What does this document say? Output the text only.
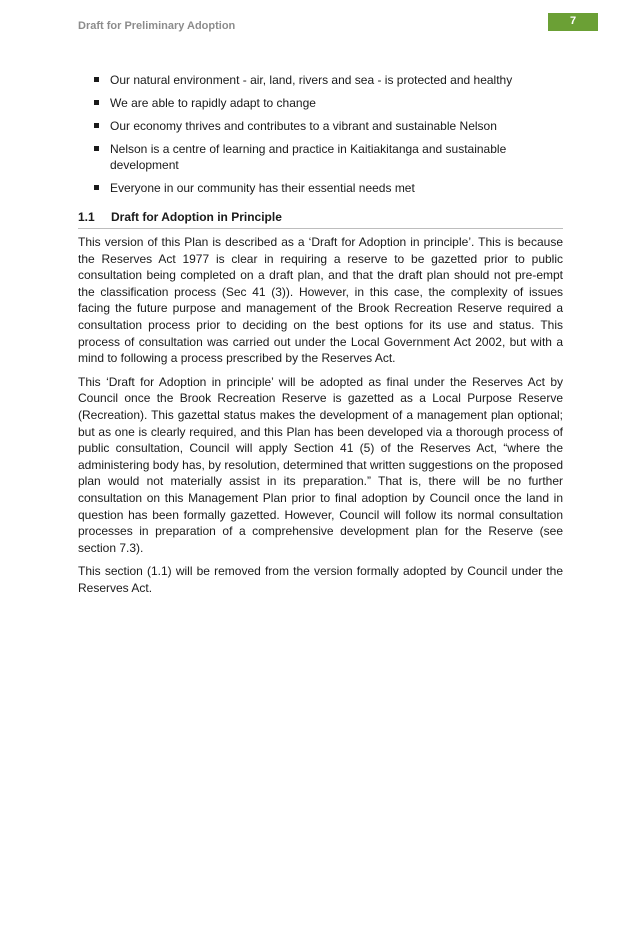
Draft for Preliminary Adoption	7
Our natural environment - air, land, rivers and sea - is protected and healthy
We are able to rapidly adapt to change
Our economy thrives and contributes to a vibrant and sustainable Nelson
Nelson is a centre of learning and practice in Kaitiakitanga and sustainable development
Everyone in our community has their essential needs met
1.1 Draft for Adoption in Principle

This version of this Plan is described as a ‘Draft for Adoption in principle’. This is because the Reserves Act 1977 is clear in requiring a reserve to be gazetted prior to public consultation being completed on a draft plan, and that the draft plan should not pre-empt the classification process (Sec 41 (3)). However, in this case, the complexity of issues facing the future purpose and management of the Brook Recreation Reserve required a consultation process prior to deciding on the best options for its use and status. This process of consultation was carried out under the Local Government Act 2002, but with a mind to following a process prescribed by the Reserves Act.

This ‘Draft for Adoption in principle’ will be adopted as final under the Reserves Act by Council once the Brook Recreation Reserve is gazetted as a Local Purpose Reserve (Recreation). This gazettal status makes the development of a management plan optional; but as one is clearly required, and this Plan has been developed via a thorough process of public consultation, Council will apply Section 41 (5) of the Reserves Act, “where the administering body has, by resolution, determined that written suggestions on the proposed plan would not materially assist in its preparation.” That is, there will be no further consultation on this Management Plan prior to final adoption by Council once the land in question has been formally gazetted. However, Council will follow its normal consultation processes in preparation of a comprehensive development plan for the Reserve (see section 7.3).

This section (1.1) will be removed from the version formally adopted by Council under the Reserves Act.
